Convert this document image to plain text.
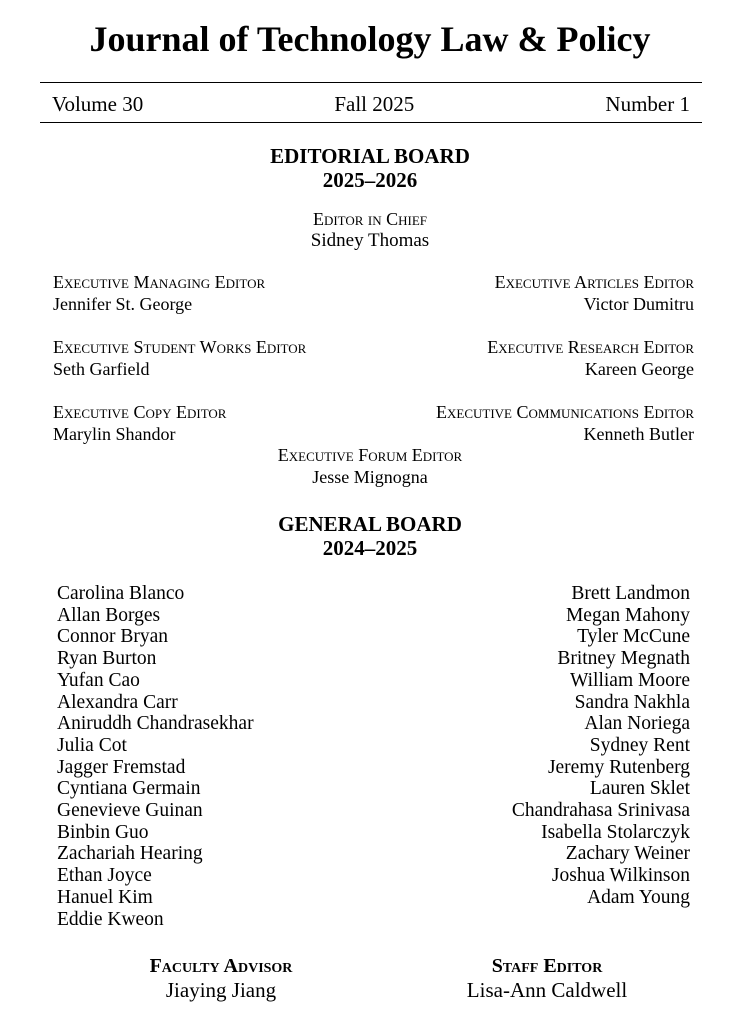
Journal of Technology Law & Policy
Volume 30	Fall 2025	Number 1
EDITORIAL BOARD
2025–2026
Editor in Chief
Sidney Thomas
Executive Managing Editor
Jennifer St. George
Executive Articles Editor
Victor Dumitru
Executive Student Works Editor
Seth Garfield
Executive Research Editor
Kareen George
Executive Copy Editor
Marylin Shandor
Executive Communications Editor
Kenneth Butler
Executive Forum Editor
Jesse Mignogna
GENERAL BOARD
2024–2025
Carolina Blanco
Allan Borges
Connor Bryan
Ryan Burton
Yufan Cao
Alexandra Carr
Aniruddh Chandrasekhar
Julia Cot
Jagger Fremstad
Cyntiana Germain
Genevieve Guinan
Binbin Guo
Zachariah Hearing
Ethan Joyce
Hanuel Kim
Eddie Kweon
Brett Landmon
Megan Mahony
Tyler McCune
Britney Megnath
William Moore
Sandra Nakhla
Alan Noriega
Sydney Rent
Jeremy Rutenberg
Lauren Sklet
Chandrahasa Srinivasa
Isabella Stolarczyk
Zachary Weiner
Joshua Wilkinson
Adam Young
Faculty Advisor
Jiaying Jiang
Staff Editor
Lisa-Ann Caldwell
